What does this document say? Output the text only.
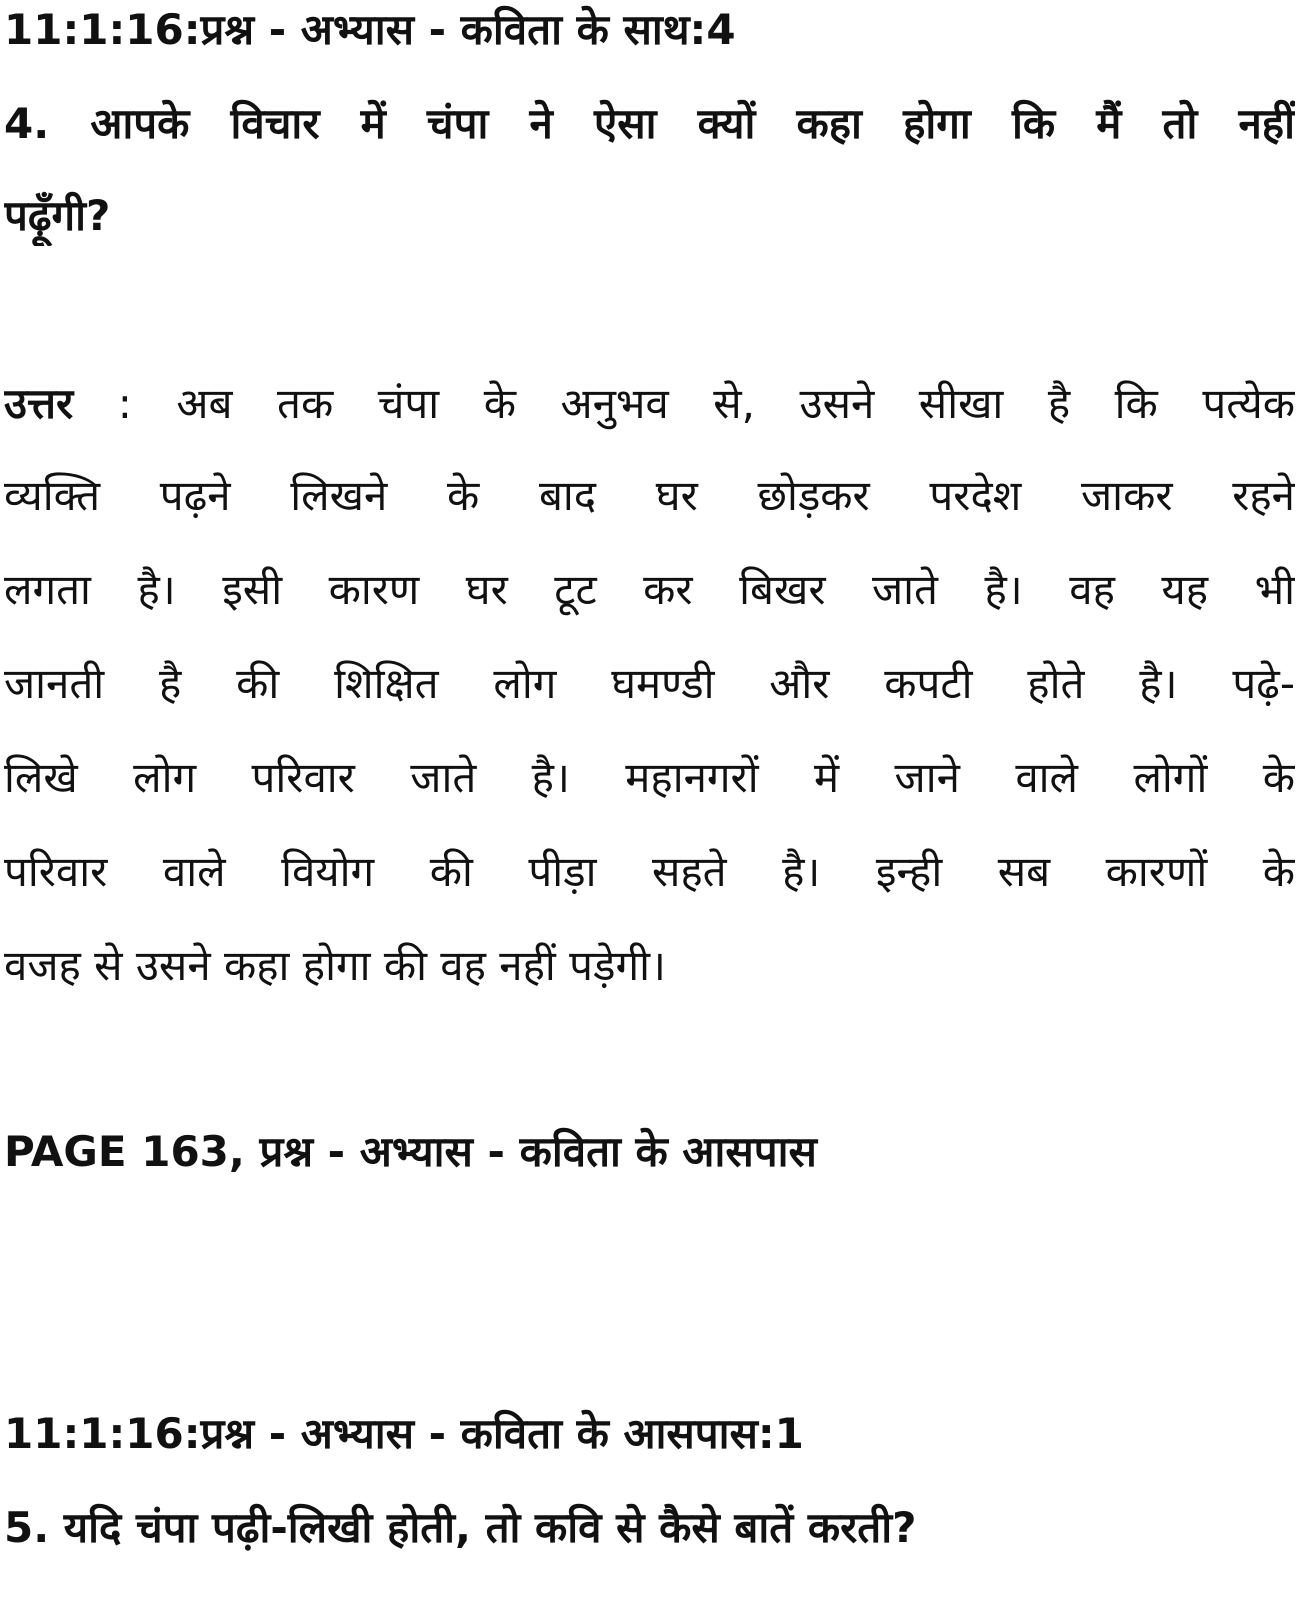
11:1:16:प्रश्न - अभ्यास - कविता के साथ:4
4. आपके विचार में चंपा ने ऐसा क्यों कहा होगा कि मैं तो नहीं
पढ़ूँगी?
उत्तर : अब तक चंपा के अनुभव से, उसने सीखा है कि पत्येक
व्यक्ति पढ़ने लिखने के बाद घर छोड़कर परदेश जाकर रहने
लगता है। इसी कारण घर टूट कर बिखर जाते है। वह यह भी
जानती है की शिक्षित लोग घमण्डी और कपटी होते है। पढ़े-
लिखे लोग परिवार जाते है। महानगरों में जाने वाले लोगों के
परिवार वाले वियोग की पीड़ा सहते है। इन्ही सब कारणों के
वजह से उसने कहा होगा की वह नहीं पड़ेगी।
PAGE 163, प्रश्न - अभ्यास - कविता के आसपास
11:1:16:प्रश्न - अभ्यास - कविता के आसपास:1
5. यदि चंपा पढ़ी-लिखी होती, तो कवि से कैसे बातें करती?
